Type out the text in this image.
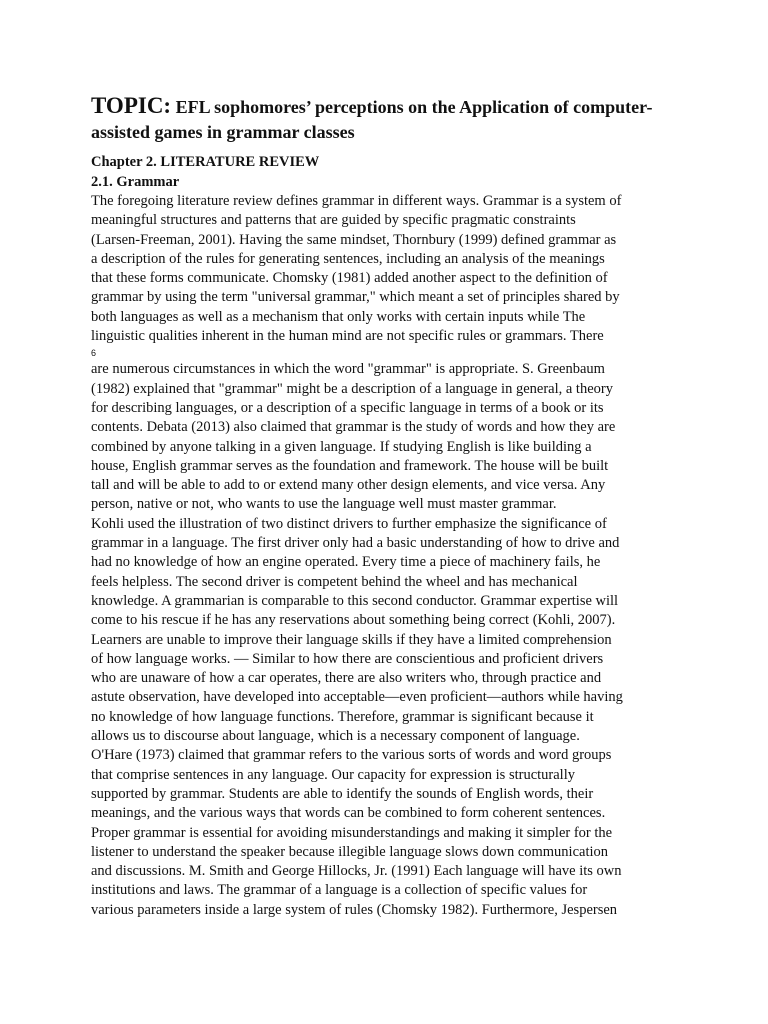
TOPIC: EFL sophomores’ perceptions on the Application of computer-
assisted games in grammar classes

Chapter 2. LITERATURE REVIEW

2.1. Grammar

The foregoing literature review defines grammar in different ways. Grammar is a system of

meaningful structures and patterns that are guided by specific pragmatic constraints

(Larsen-Freeman, 2001). Having the same mindset, Thornbury (1999) defined grammar as

a description of the rules for generating sentences, including an analysis of the meanings

that these forms communicate. Chomsky (1981) added another aspect to the definition of

grammar by using the term "universal grammar," which meant a set of principles shared by

both languages as well as a mechanism that only works with certain inputs while The

linguistic qualities inherent in the human mind are not specific rules or grammars. There

6

are numerous circumstances in which the word "grammar" is appropriate. S. Greenbaum

(1982) explained that "grammar" might be a description of a language in general, a theory

for describing languages, or a description of a specific language in terms of a book or its

contents. Debata (2013) also claimed that grammar is the study of words and how they are

combined by anyone talking in a given language. If studying English is like building a

house, English grammar serves as the foundation and framework. The house will be built

tall and will be able to add to or extend many other design elements, and vice versa. Any

person, native or not, who wants to use the language well must master grammar.

Kohli used the illustration of two distinct drivers to further emphasize the significance of

grammar in a language. The first driver only had a basic understanding of how to drive and

had no knowledge of how an engine operated. Every time a piece of machinery fails, he

feels helpless. The second driver is competent behind the wheel and has mechanical

knowledge. A grammarian is comparable to this second conductor. Grammar expertise will

come to his rescue if he has any reservations about something being correct (Kohli, 2007).

Learners are unable to improve their language skills if they have a limited comprehension

of how language works. — Similar to how there are conscientious and proficient drivers

who are unaware of how a car operates, there are also writers who, through practice and

astute observation, have developed into acceptable—even proficient—authors while having

no knowledge of how language functions. Therefore, grammar is significant because it

allows us to discourse about language, which is a necessary component of language.

O'Hare (1973) claimed that grammar refers to the various sorts of words and word groups

that comprise sentences in any language. Our capacity for expression is structurally

supported by grammar. Students are able to identify the sounds of English words, their

meanings, and the various ways that words can be combined to form coherent sentences.

Proper grammar is essential for avoiding misunderstandings and making it simpler for the

listener to understand the speaker because illegible language slows down communication

and discussions. M. Smith and George Hillocks, Jr. (1991) Each language will have its own

institutions and laws. The grammar of a language is a collection of specific values for

various parameters inside a large system of rules (Chomsky 1982). Furthermore, Jespersen
